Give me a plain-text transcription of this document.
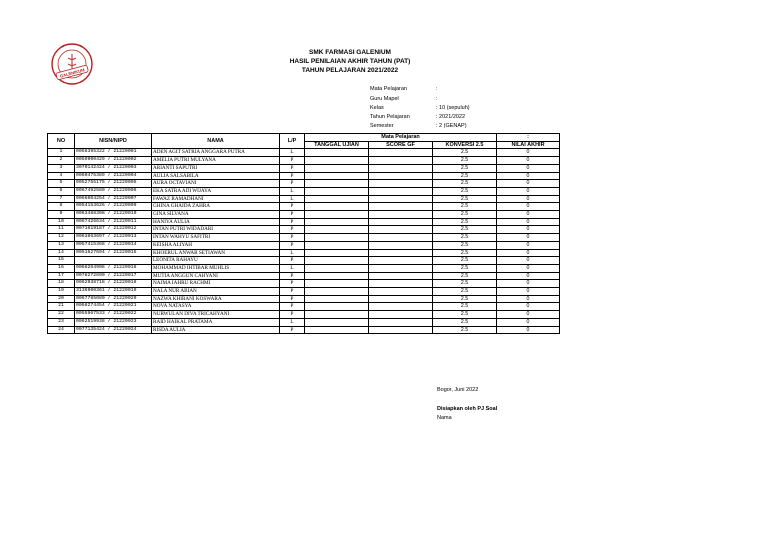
GALENIKUM
SMK FARMASI GALENIUM
HASIL PENILAIAN AKHIR TAHUN (PAT)
TAHUN PELAJARAN 2021/2022
Mata Pelajaran	:
Guru Mapel	:
Kelas	: 10 (sepuluh)
Tahun Pelajaran	: 2021/2022
Semester	: 2 (GENAP)
NO	NISN/NIPD	NAMA	L/P	Mata Pelajaran			:
				TANGGAL UJIAN	SCORE GF	KONVERSI 2.5	NILAI AKHIR
1	0056395322 / 21220001	ADEN AGIT SATRIA ANGGARA PUTRA	L			2.5	0
2	0059900429 / 21220002	AMELIA PUTRI MULYANA	P			2.5	0
3	3070142424 / 21220003	ARIANTI SAPUTRI	P			2.5	0
4	0060475389 / 21220004	AULIA SALSABILA	P			2.5	0
5	0052755175 / 21220005	AURA OCTAVIANI	P			2.5	0
6	0067492580 / 21220006	EKA SATRA ADI WIJAYA	L			2.5	0
7	0066604254 / 21220007	FAWAZ RAMADHANI	L			2.5	0
8	0054153626 / 21220009	GHINA GHAIDA ZAHRA	P			2.5	0
9	0063488308 / 21220010	GINA SILVANA	P			2.5	0
10	0067426634 / 21220011	HANIYA AULIA	P			2.5	0
11	0071619187 / 21220012	INTAN PUTRI WIDADARI	P			2.5	0
12	0063863697 / 21220013	INTAN WAHYU SAFITRI	P			2.5	0
13	0057415368 / 21220014	KEISHA ALIYAH	P			2.5	0
14	0051627694 / 21220015	KHOERUL ANWAR SETIAWAN	L			2.5	0
15		LEONITA RAHAYU	P			2.5	0
16	0068264908 / 21220016	MOHAMMAD IHTIBAR MUHLIS	L			2.5	0
17	0078272890 / 21220017	MUTIA ANGGUN CAHYANI	P			2.5	0
18	0062938718 / 21220018	NAJMA IAHRU RACHMI	P			2.5	0
19	3136900361 / 21220019	NALA NUR ABIAN	P			2.5	0
20	0067785080 / 21220020	NAZWA KHIRANI KOSWARA	P			2.5	0
21	0068274454 / 21220021	NOVA NATASYA	P			2.5	0
22	0055967533 / 21220022	NURWULAN DIVA TRICAHYANI	P			2.5	0
23	0062519938 / 21220023	RAID HAIKAL PRATAMA	L			2.5	0
24	0077135424 / 21220024	RISDA AULIA	P			2.5	0
Bogor, Juni 2022
Disiapkan oleh PJ Soal
Nama
